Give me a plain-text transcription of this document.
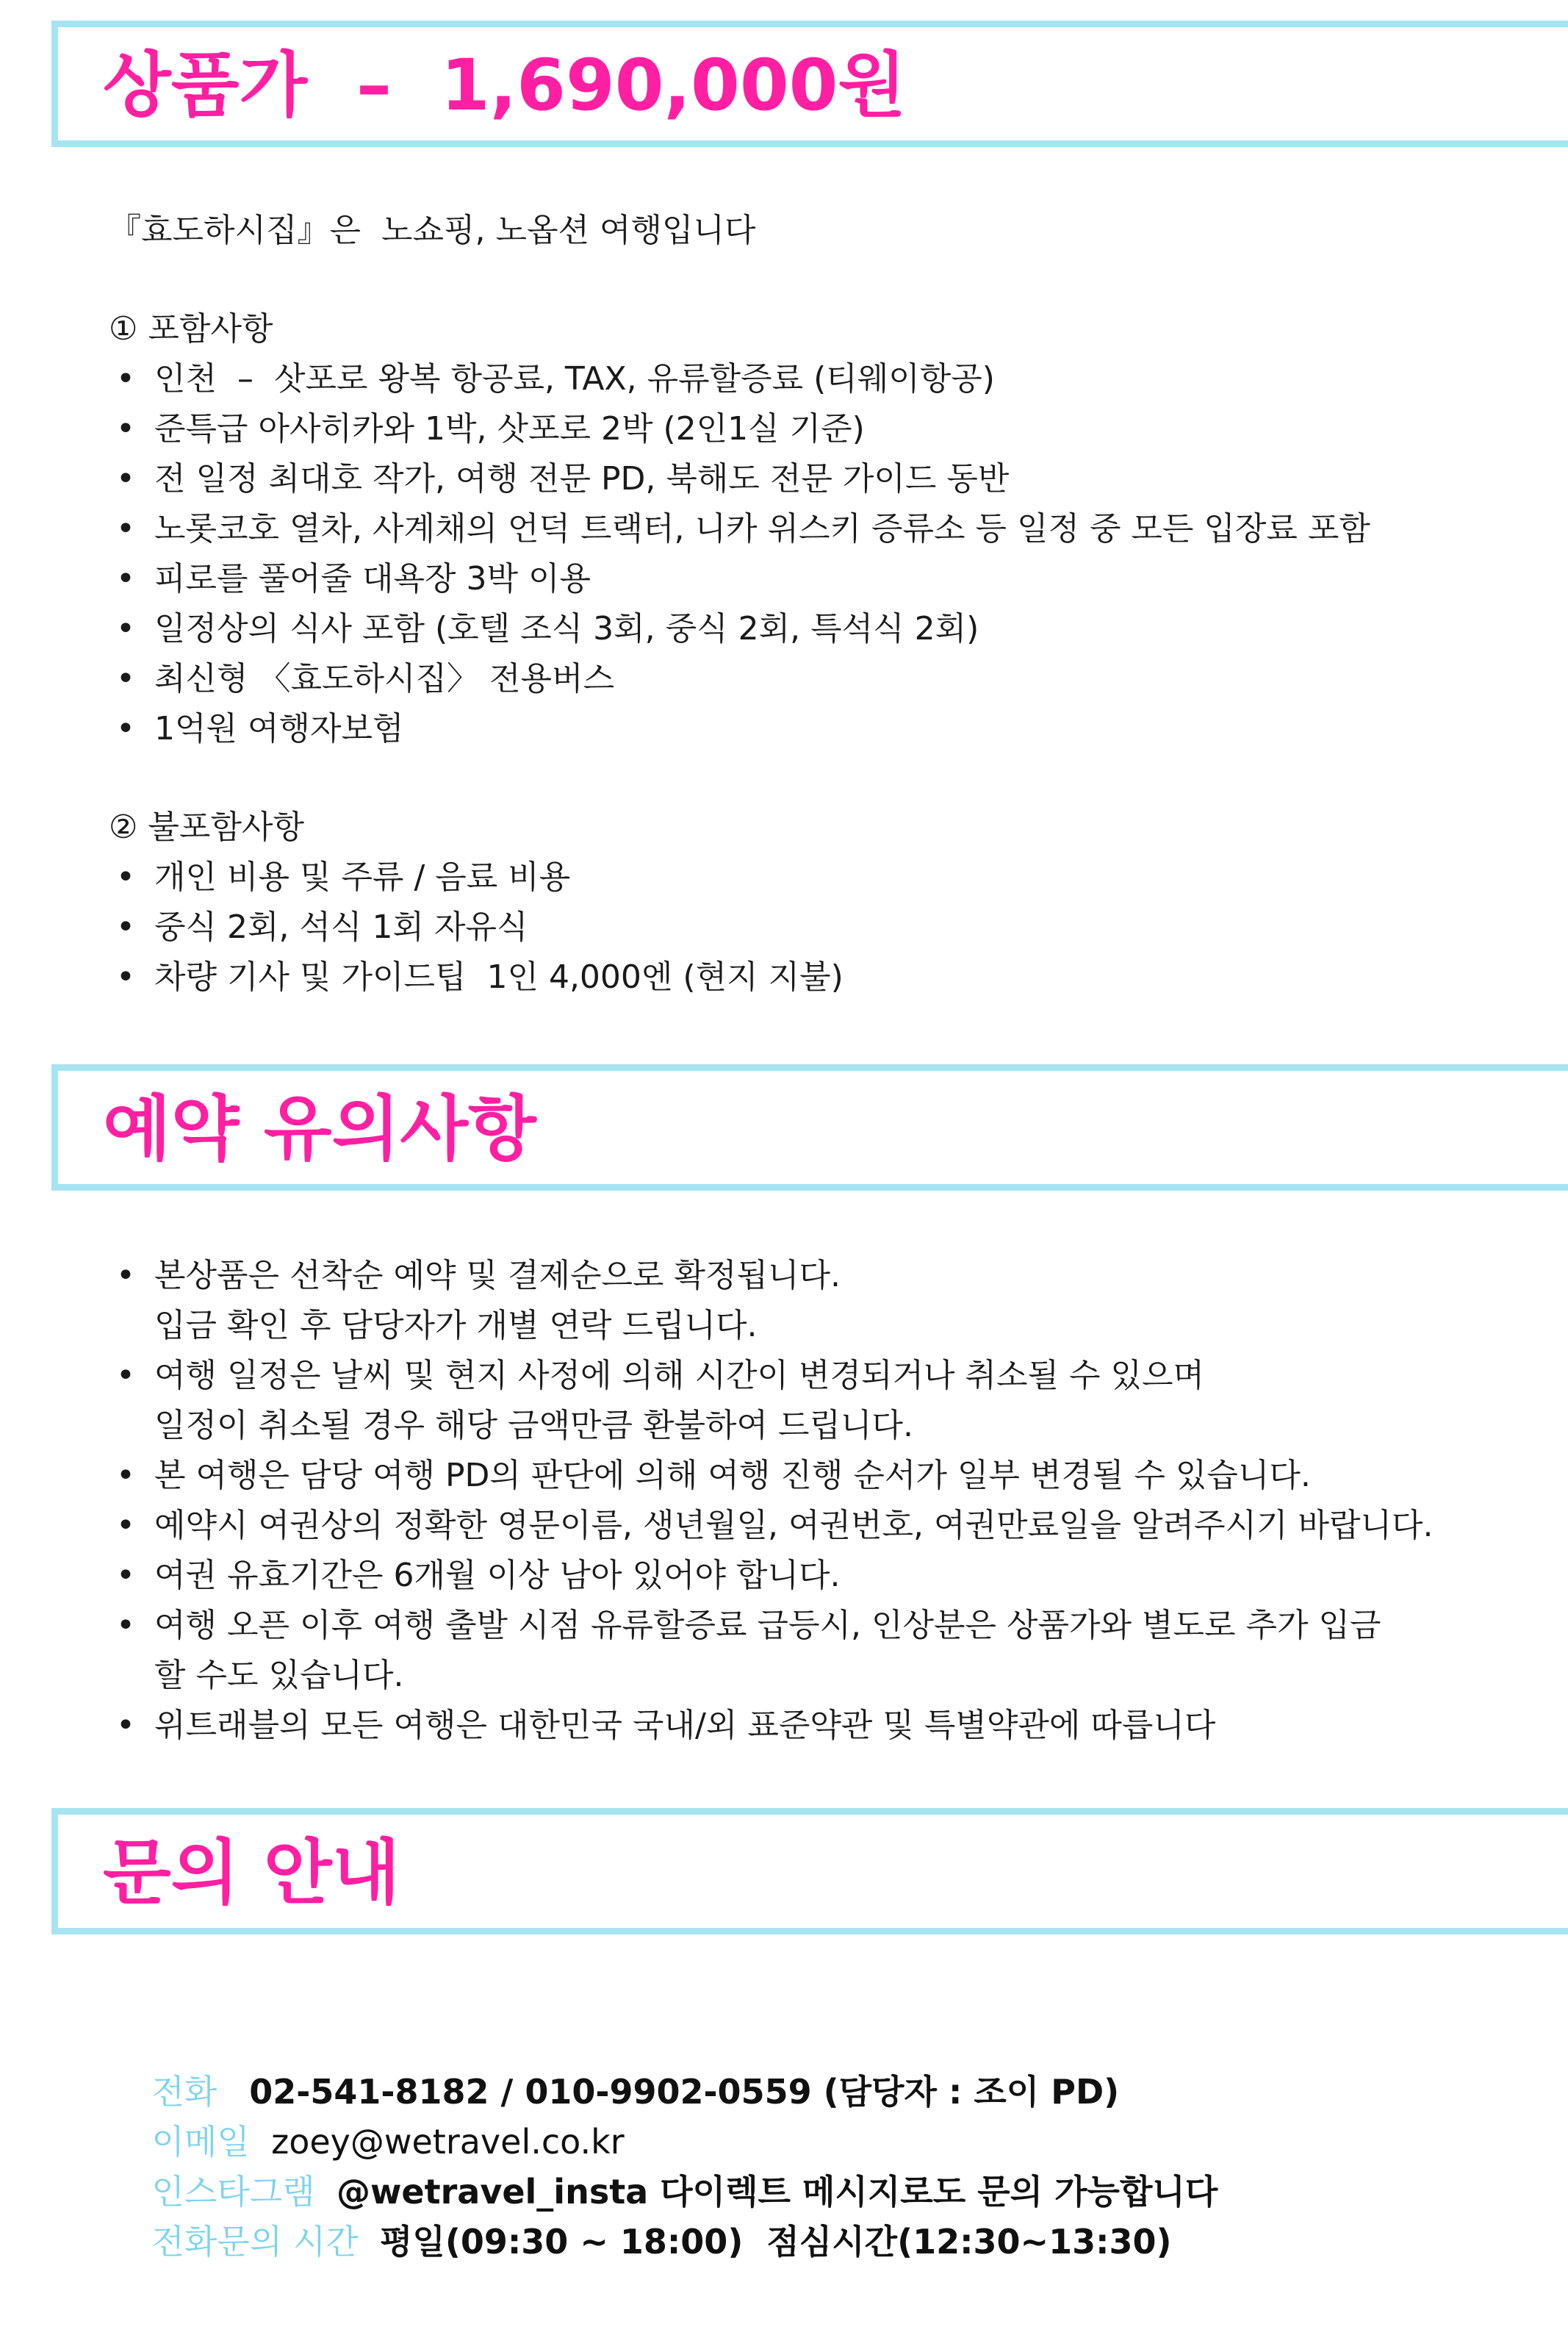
상품가  –  1,690,000원
『효도하시집』은  노쇼핑, 노옵션 여행입니다
① 포함사항
• 인천  –  삿포로 왕복 항공료, TAX, 유류할증료 (티웨이항공)
• 준특급 아사히카와 1박, 삿포로 2박 (2인1실 기준)
• 전 일정 최대호 작가, 여행 전문 PD, 북해도 전문 가이드 동반
• 노롯코호 열차, 사계채의 언덕 트랙터, 니카 위스키 증류소 등 일정 중 모든 입장료 포함
• 피로를 풀어줄 대욕장 3박 이용
• 일정상의 식사 포함 (호텔 조식 3회, 중식 2회, 특석식 2회)
• 최신형 〈효도하시집〉 전용버스
• 1억원 여행자보험
② 불포함사항
• 개인 비용 및 주류 / 음료 비용
• 중식 2회, 석식 1회 자유식
• 차량 기사 및 가이드팁  1인 4,000엔 (현지 지불)
예약 유의사항
• 본상품은 선착순 예약 및 결제순으로 확정됩니다.
입금 확인 후 담당자가 개별 연락 드립니다.
• 여행 일정은 날씨 및 현지 사정에 의해 시간이 변경되거나 취소될 수 있으며
일정이 취소될 경우 해당 금액만큼 환불하여 드립니다.
• 본 여행은 담당 여행 PD의 판단에 의해 여행 진행 순서가 일부 변경될 수 있습니다.
• 예약시 여권상의 정확한 영문이름, 생년월일, 여권번호, 여권만료일을 알려주시기 바랍니다.
• 여권 유효기간은 6개월 이상 남아 있어야 합니다.
• 여행 오픈 이후 여행 출발 시점 유류할증료 급등시, 인상분은 상품가와 별도로 추가 입금
할 수도 있습니다.
• 위트래블의 모든 여행은 대한민국 국내/외 표준약관 및 특별약관에 따릅니다
문의 안내

전화 02-541-8182 / 010-9902-0559 (담당자 : 조이 PD)

이메일 zoey@wetravel.co.kr

인스타그램 @wetravel_insta 다이렉트 메시지로도 문의 가능합니다

전화문의 시간 평일(09:30 ~ 18:00)  점심시간(12:30~13:30)
